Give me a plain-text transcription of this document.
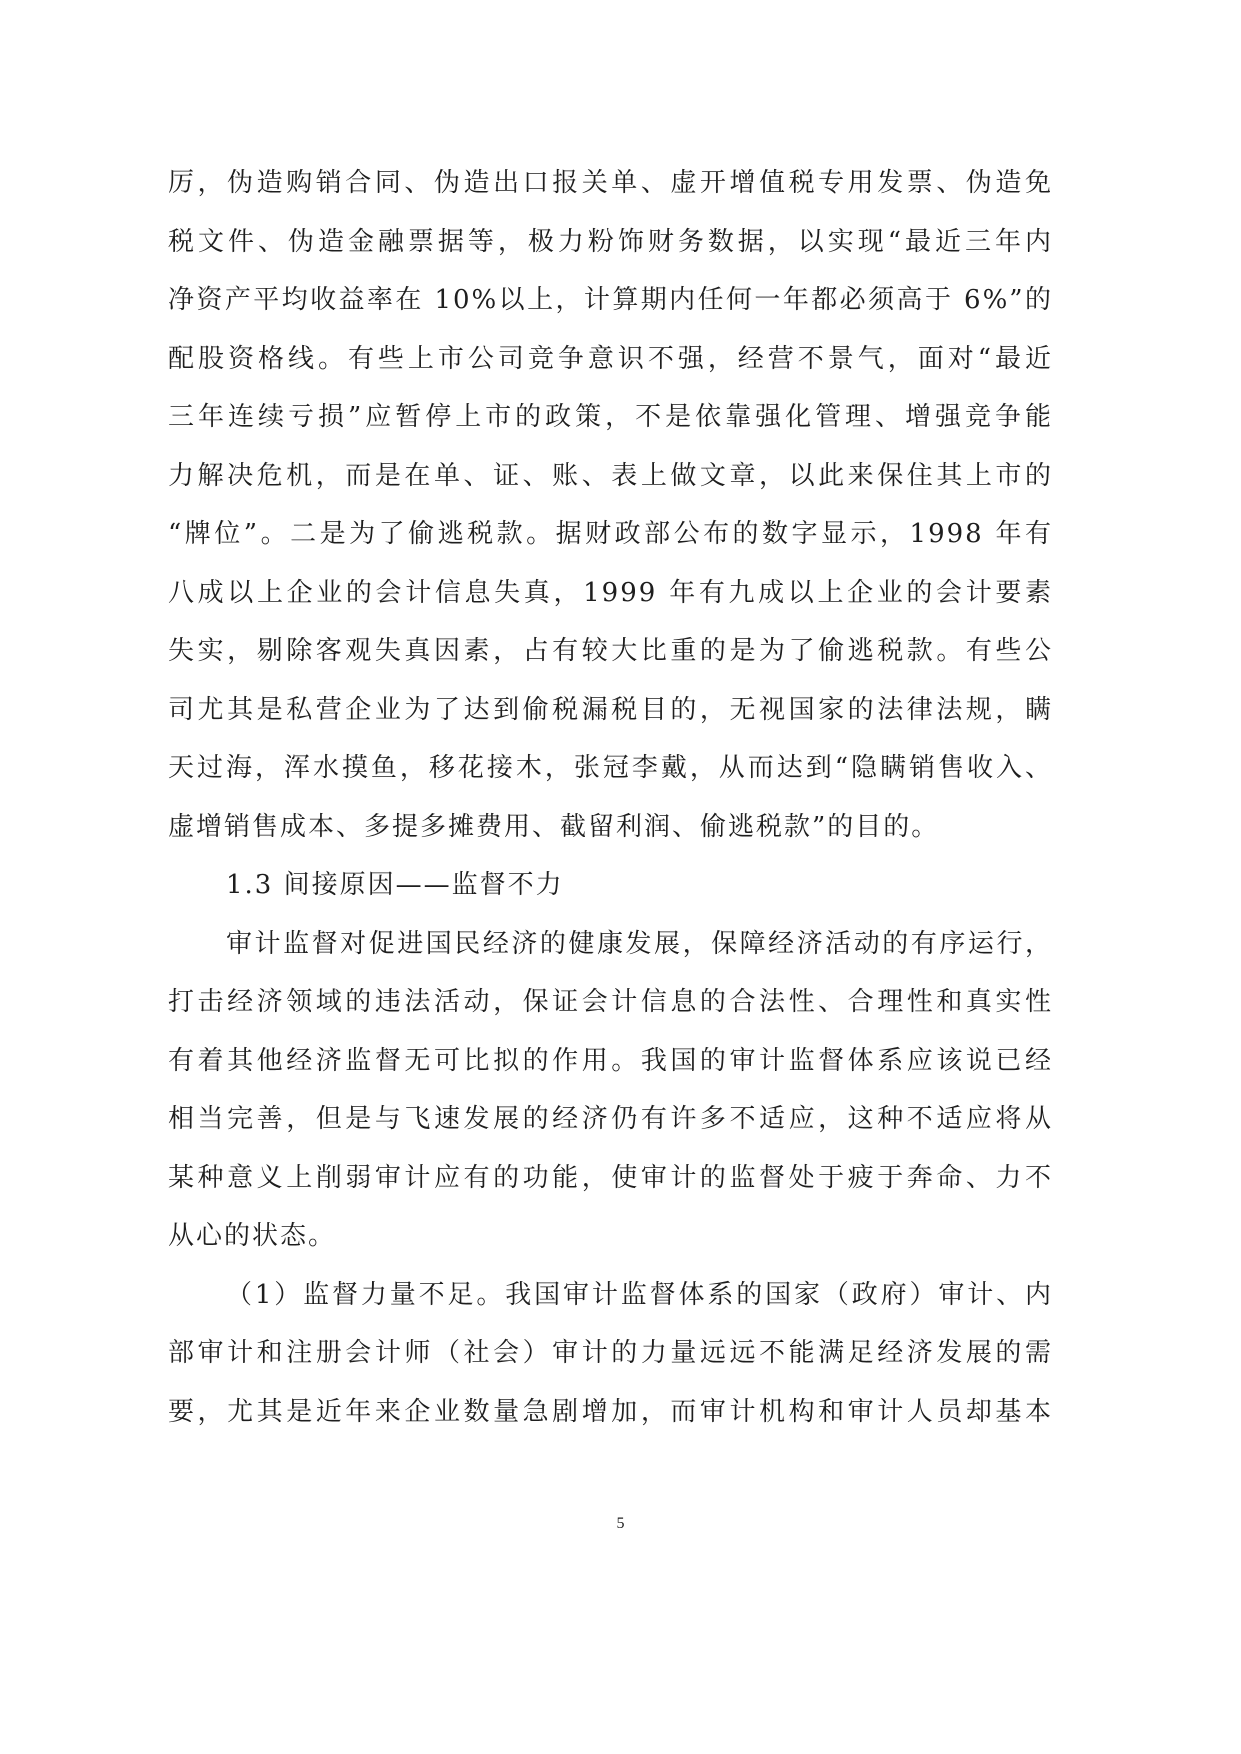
厉，伪造购销合同、伪造出口报关单、虚开增值税专用发票、伪造免
税文件、伪造金融票据等，极力粉饰财务数据，以实现“最近三年内
净资产平均收益率在 10%以上，计算期内任何一年都必须高于 6%”的
配股资格线。有些上市公司竞争意识不强，经营不景气，面对“最近
三年连续亏损”应暂停上市的政策，不是依靠强化管理、增强竞争能
力解决危机，而是在单、证、账、表上做文章，以此来保住其上市的
“牌位”。二是为了偷逃税款。据财政部公布的数字显示，1998 年有
八成以上企业的会计信息失真，1999 年有九成以上企业的会计要素
失实，剔除客观失真因素，占有较大比重的是为了偷逃税款。有些公
司尤其是私营企业为了达到偷税漏税目的，无视国家的法律法规，瞒
天过海，浑水摸鱼，移花接木，张冠李戴，从而达到“隐瞒销售收入、
虚增销售成本、多提多摊费用、截留利润、偷逃税款”的目的。
1.3 间接原因——监督不力
审计监督对促进国民经济的健康发展，保障经济活动的有序运行，
打击经济领域的违法活动，保证会计信息的合法性、合理性和真实性
有着其他经济监督无可比拟的作用。我国的审计监督体系应该说已经
相当完善，但是与飞速发展的经济仍有许多不适应，这种不适应将从
某种意义上削弱审计应有的功能，使审计的监督处于疲于奔命、力不
从心的状态。
（1）监督力量不足。我国审计监督体系的国家（政府）审计、内
部审计和注册会计师（社会）审计的力量远远不能满足经济发展的需
要，尤其是近年来企业数量急剧增加，而审计机构和审计人员却基本
5
